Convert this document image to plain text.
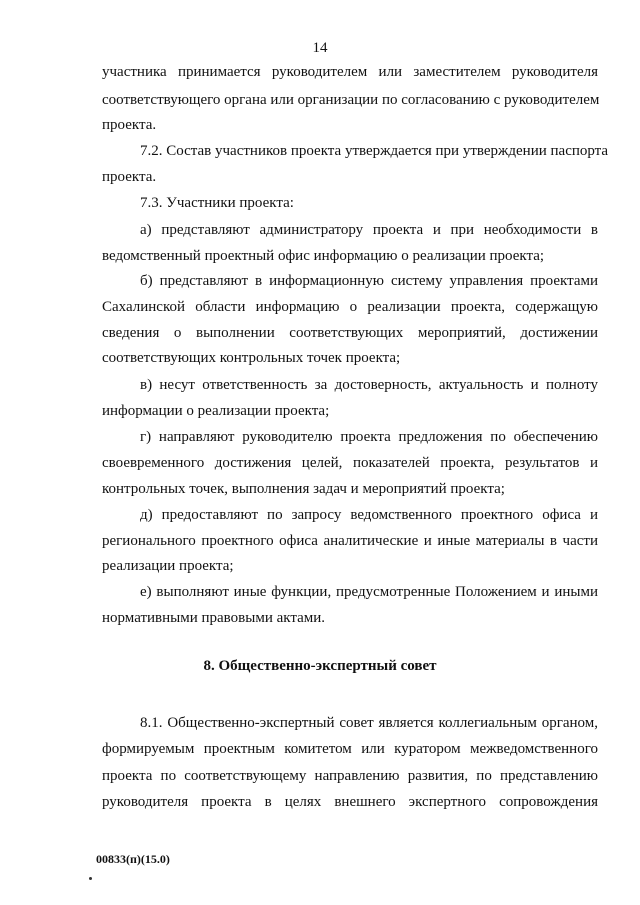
14
участника принимается руководителем или заместителем руководителя
соответствующего органа или организации по согласованию с руководителем
проекта.
7.2. Состав участников проекта утверждается при утверждении паспорта
проекта.
7.3. Участники проекта:
а) представляют администратору проекта и при необходимости в
ведомственный проектный офис информацию о реализации проекта;
б) представляют в информационную систему управления проектами
Сахалинской области информацию о реализации проекта, содержащую
сведения о выполнении соответствующих мероприятий, достижении
соответствующих контрольных точек проекта;
в) несут ответственность за достоверность, актуальность и полноту
информации о реализации проекта;
г) направляют руководителю проекта предложения по обеспечению
своевременного достижения целей, показателей проекта, результатов и
контрольных точек, выполнения задач и мероприятий проекта;
д) предоставляют по запросу ведомственного проектного офиса и
регионального проектного офиса аналитические и иные материалы в части
реализации проекта;
е) выполняют иные функции, предусмотренные Положением и иными
нормативными правовыми актами.
8. Общественно-экспертный совет
8.1. Общественно-экспертный совет является коллегиальным органом,
формируемым проектным комитетом или куратором межведомственного
проекта по соответствующему направлению развития, по представлению
руководителя проекта в целях внешнего экспертного сопровождения
00833(п)(15.0)
